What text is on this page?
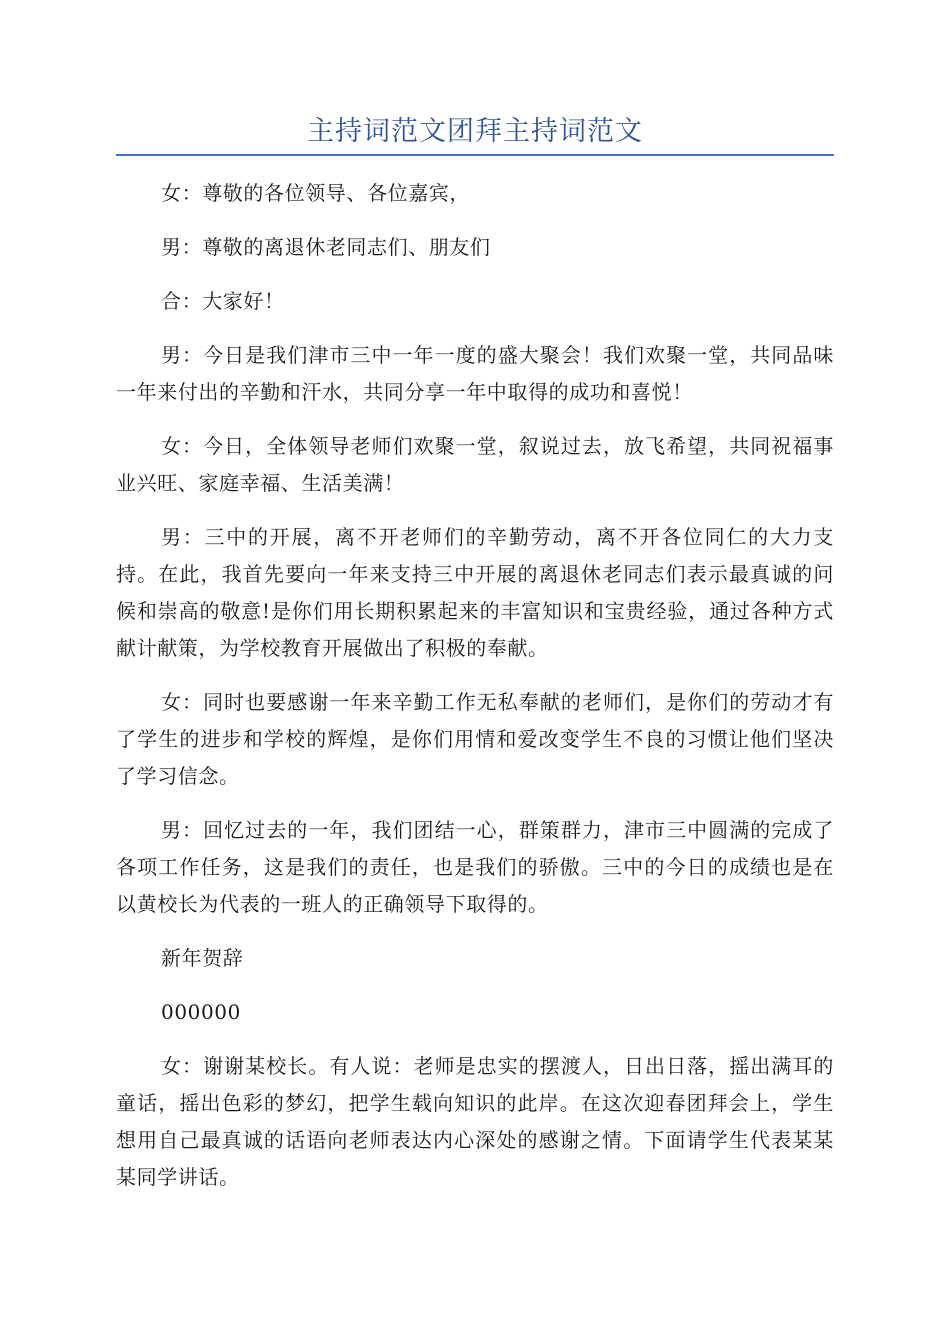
主持词范文团拜主持词范文

女：尊敬的各位领导、各位嘉宾，

男：尊敬的离退休老同志们、朋友们

合：大家好！

男：今日是我们津市三中一年一度的盛大聚会！我们欢聚一堂，共同品味一年来付出的辛勤和汗水，共同分享一年中取得的成功和喜悦！

女：今日，全体领导老师们欢聚一堂，叙说过去，放飞希望，共同祝福事业兴旺、家庭幸福、生活美满！

男：三中的开展，离不开老师们的辛勤劳动，离不开各位同仁的大力支持。在此，我首先要向一年来支持三中开展的离退休老同志们表示最真诚的问候和崇高的敬意!是你们用长期积累起来的丰富知识和宝贵经验，通过各种方式献计献策，为学校教育开展做出了积极的奉献。

女：同时也要感谢一年来辛勤工作无私奉献的老师们，是你们的劳动才有了学生的进步和学校的辉煌，是你们用情和爱改变学生不良的习惯让他们坚决了学习信念。

男：回忆过去的一年，我们团结一心，群策群力，津市三中圆满的完成了各项工作任务，这是我们的责任，也是我们的骄傲。三中的今日的成绩也是在以黄校长为代表的一班人的正确领导下取得的。

新年贺辞

000000

女：谢谢某校长。有人说：老师是忠实的摆渡人，日出日落，摇出满耳的童话，摇出色彩的梦幻，把学生载向知识的此岸。在这次迎春团拜会上，学生想用自己最真诚的话语向老师表达内心深处的感谢之情。下面请学生代表某某某同学讲话。
